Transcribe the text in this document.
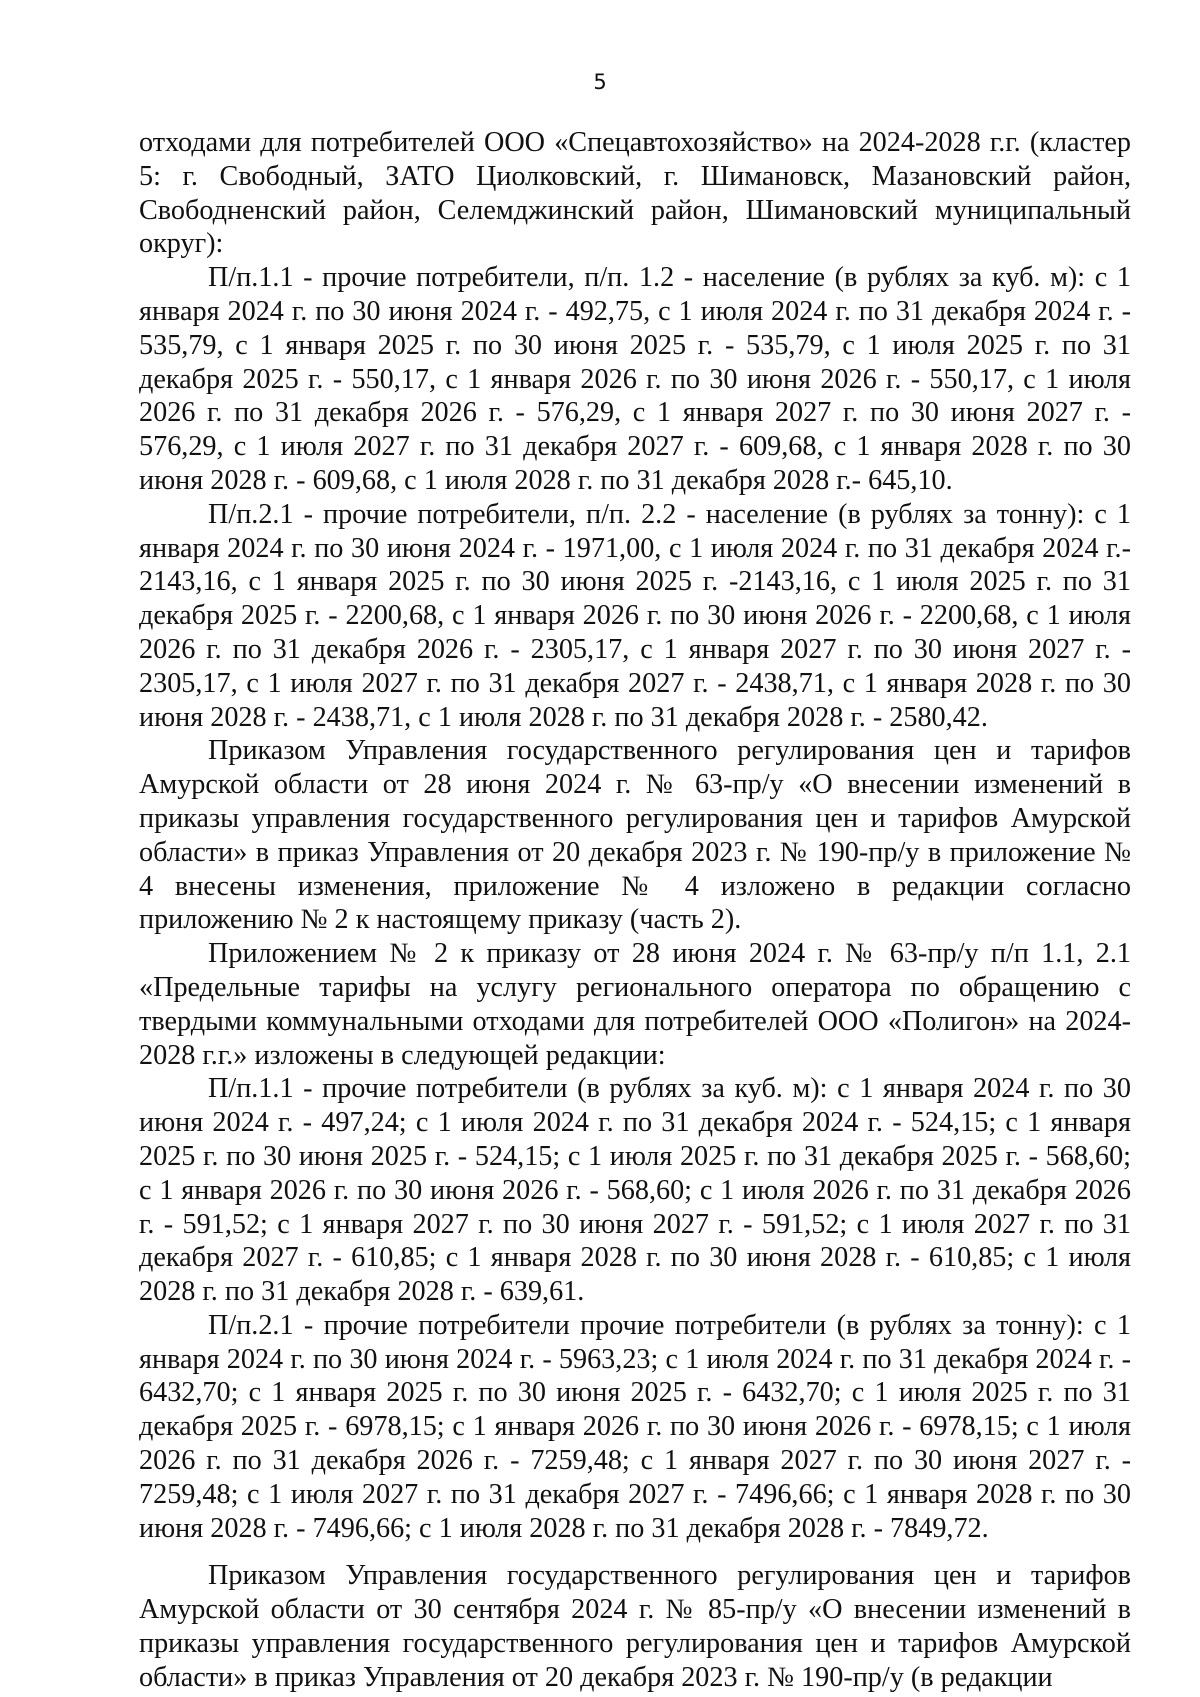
5

отходами для потребителей ООО «Спецавтохозяйство» на 2024-2028 г.г. (кластер 5: г. Свободный, ЗАТО Циолковский, г. Шимановск, Мазановский район, Свободненский район, Селемджинский район, Шимановский муниципальный округ):

П/п.1.1 - прочие потребители, п/п. 1.2 - население (в рублях за куб. м): с 1 января 2024 г. по 30 июня 2024 г. - 492,75, с 1 июля 2024 г. по 31 декабря 2024 г. - 535,79, с 1 января 2025 г. по 30 июня 2025 г. - 535,79, с 1 июля 2025 г. по 31 декабря 2025 г. - 550,17, с 1 января 2026 г. по 30 июня 2026 г. - 550,17, с 1 июля 2026 г. по 31 декабря 2026 г. - 576,29, с 1 января 2027 г. по 30 июня 2027 г. - 576,29, с 1 июля 2027 г. по 31 декабря 2027 г. - 609,68, с 1 января 2028 г. по 30 июня 2028 г. - 609,68, с 1 июля 2028 г. по 31 декабря 2028 г.- 645,10.

П/п.2.1 - прочие потребители, п/п. 2.2 - население (в рублях за тонну): с 1 января 2024 г. по 30 июня 2024 г. - 1971,00, с 1 июля 2024 г. по 31 декабря 2024 г.- 2143,16, с 1 января 2025 г. по 30 июня 2025 г. -2143,16, с 1 июля 2025 г. по 31 декабря 2025 г. - 2200,68, с 1 января 2026 г. по 30 июня 2026 г. - 2200,68, с 1 июля 2026 г. по 31 декабря 2026 г. - 2305,17, с 1 января 2027 г. по 30 июня 2027 г. - 2305,17, с 1 июля 2027 г. по 31 декабря 2027 г. - 2438,71, с 1 января 2028 г. по 30 июня 2028 г. - 2438,71, с 1 июля 2028 г. по 31 декабря 2028 г. - 2580,42.

Приказом Управления государственного регулирования цен и тарифов Амурской области от 28 июня 2024 г. № 63-пр/у «О внесении изменений в приказы управления государственного регулирования цен и тарифов Амурской области» в приказ Управления от 20 декабря 2023 г. № 190-пр/у в приложение № 4 внесены изменения, приложение № 4 изложено в редакции согласно приложению № 2 к настоящему приказу (часть 2).

Приложением № 2 к приказу от 28 июня 2024 г. № 63-пр/у п/п 1.1, 2.1 «Предельные тарифы на услугу регионального оператора по обращению с твердыми коммунальными отходами для потребителей ООО «Полигон» на 2024-2028 г.г.» изложены в следующей редакции:

П/п.1.1 - прочие потребители (в рублях за куб. м): с 1 января 2024 г. по 30 июня 2024 г. - 497,24; с 1 июля 2024 г. по 31 декабря 2024 г. - 524,15; с 1 января 2025 г. по 30 июня 2025 г. - 524,15; с 1 июля 2025 г. по 31 декабря 2025 г. - 568,60; с 1 января 2026 г. по 30 июня 2026 г. - 568,60; с 1 июля 2026 г. по 31 декабря 2026 г. - 591,52; с 1 января 2027 г. по 30 июня 2027 г. - 591,52; с 1 июля 2027 г. по 31 декабря 2027 г. - 610,85; с 1 января 2028 г. по 30 июня 2028 г. - 610,85; с 1 июля 2028 г. по 31 декабря 2028 г. - 639,61.

П/п.2.1 - прочие потребители прочие потребители (в рублях за тонну): с 1 января 2024 г. по 30 июня 2024 г. - 5963,23; с 1 июля 2024 г. по 31 декабря 2024 г. - 6432,70; с 1 января 2025 г. по 30 июня 2025 г. - 6432,70; с 1 июля 2025 г. по 31 декабря 2025 г. - 6978,15; с 1 января 2026 г. по 30 июня 2026 г. - 6978,15; с 1 июля 2026 г. по 31 декабря 2026 г. - 7259,48; с 1 января 2027 г. по 30 июня 2027 г. - 7259,48; с 1 июля 2027 г. по 31 декабря 2027 г. - 7496,66; с 1 января 2028 г. по 30 июня 2028 г. - 7496,66; с 1 июля 2028 г. по 31 декабря 2028 г. - 7849,72.

Приказом Управления государственного регулирования цен и тарифов Амурской области от 30 сентября 2024 г. № 85-пр/у «О внесении изменений в приказы управления государственного регулирования цен и тарифов Амурской области» в приказ Управления от 20 декабря 2023 г. № 190-пр/у (в редакции
